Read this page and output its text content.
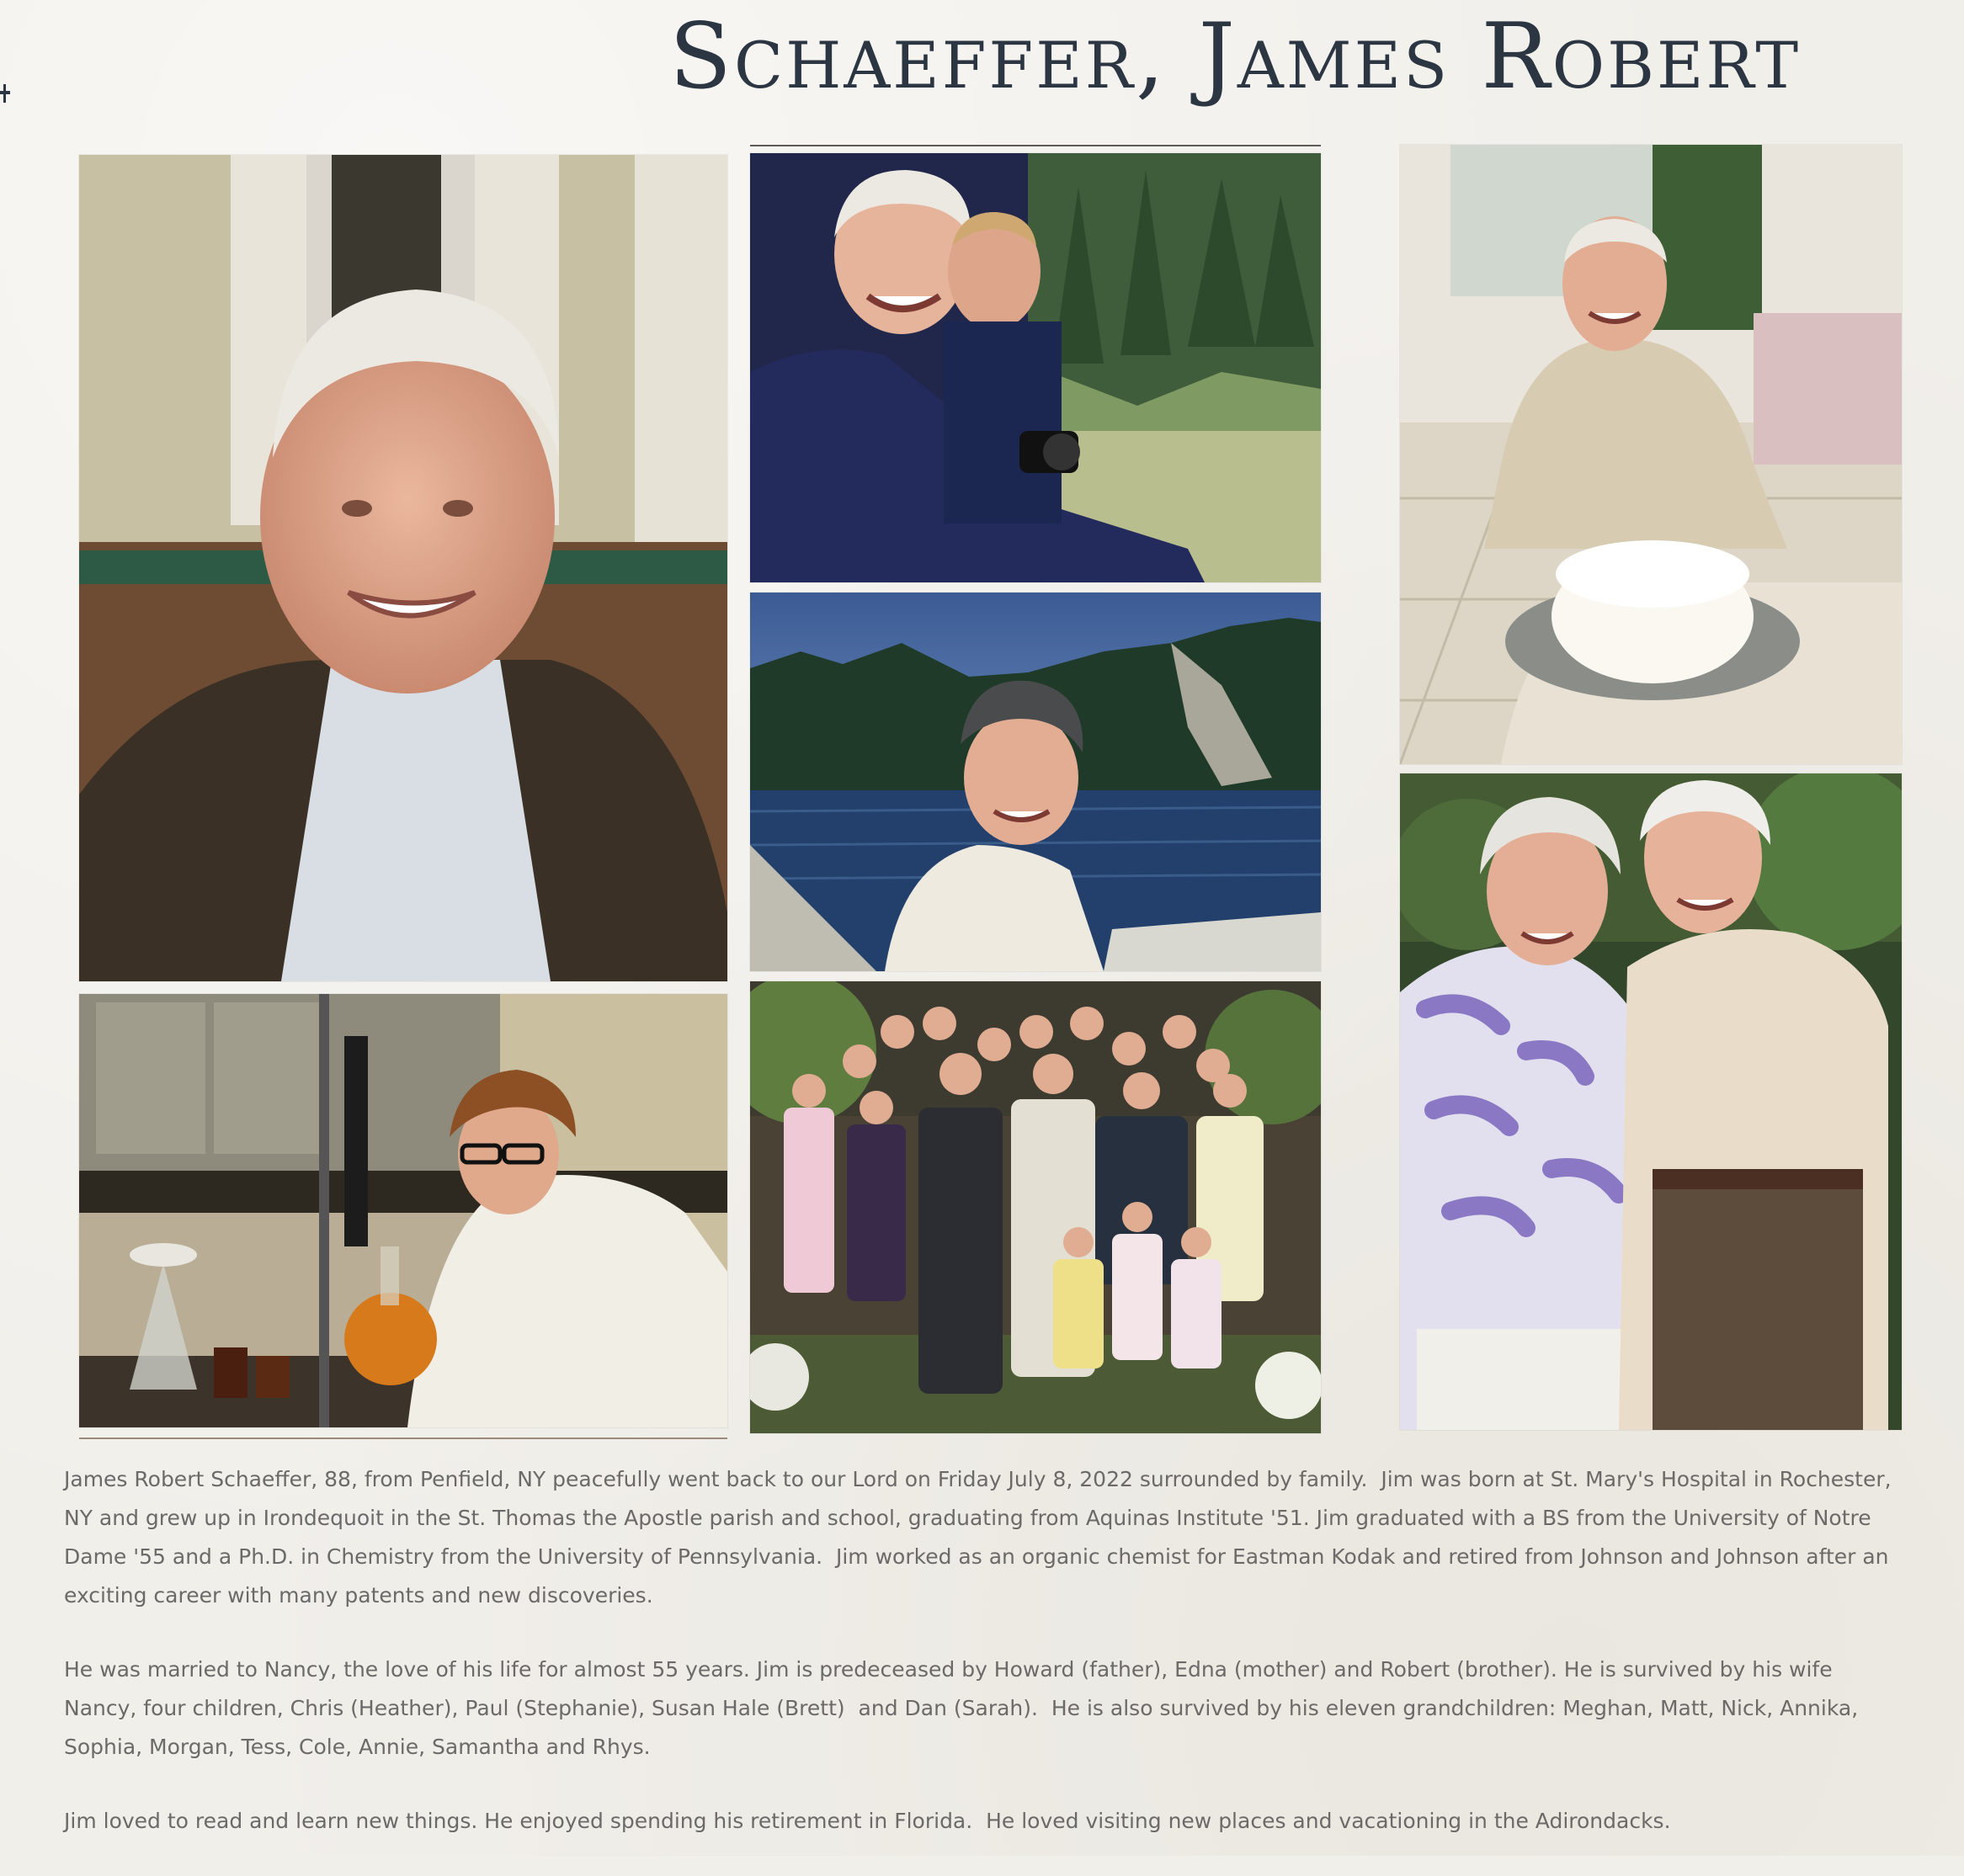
Schaeffer, James Robert

James Robert Schaeffer, 88, from Penfield, NY peacefully went back to our Lord on Friday July 8, 2022 surrounded by family.  Jim was born at St. Mary's Hospital in Rochester, NY and grew up in Irondequoit in the St. Thomas the Apostle parish and school, graduating from Aquinas Institute '51. Jim graduated with a BS from the University of Notre Dame '55 and a Ph.D. in Chemistry from the University of Pennsylvania.  Jim worked as an organic chemist for Eastman Kodak and retired from Johnson and Johnson after an exciting career with many patents and new discoveries.

He was married to Nancy, the love of his life for almost 55 years. Jim is predeceased by Howard (father), Edna (mother) and Robert (brother). He is survived by his wife Nancy, four children, Chris (Heather), Paul (Stephanie), Susan Hale (Brett)  and Dan (Sarah).  He is also survived by his eleven grandchildren: Meghan, Matt, Nick, Annika, Sophia, Morgan, Tess, Cole, Annie, Samantha and Rhys.

Jim loved to read and learn new things. He enjoyed spending his retirement in Florida.  He loved visiting new places and vacationing in the Adirondacks.
